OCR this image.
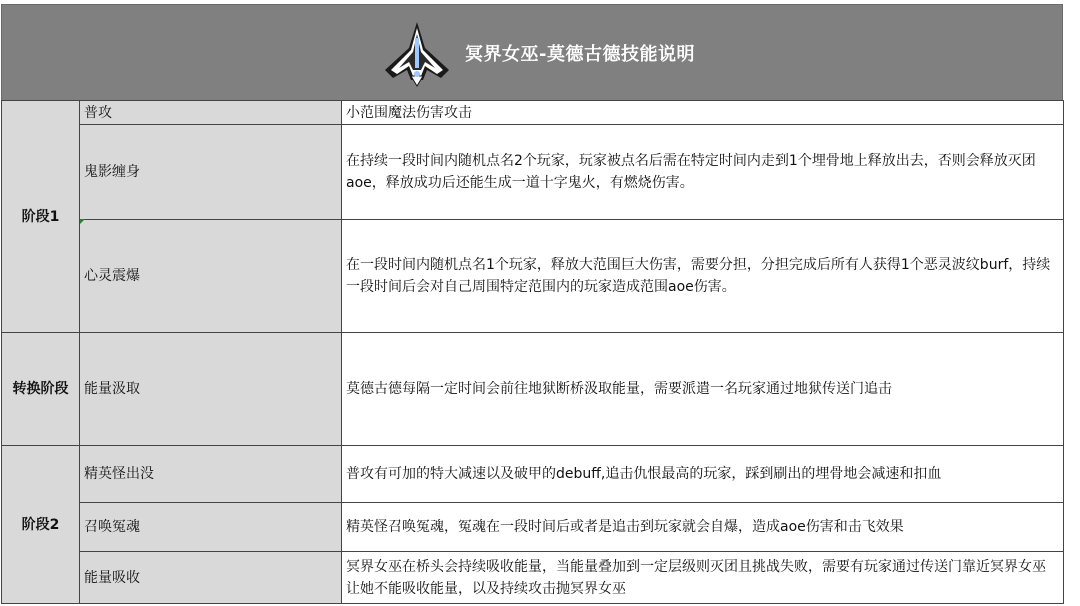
冥界女巫-莫德古德技能说明
阶段1	普攻	小范围魔法伤害攻击
	鬼影缠身	在持续一段时间内随机点名2个玩家，玩家被点名后需在特定时间内走到1个埋骨地上释放出去，否则会释放灭团aoe，释放成功后还能生成一道十字鬼火，有燃烧伤害。
	心灵震爆	在一段时间内随机点名1个玩家，释放大范围巨大伤害，需要分担，分担完成后所有人获得1个恶灵波纹burf，持续一段时间后会对自己周围特定范围内的玩家造成范围aoe伤害。
转换阶段	能量汲取	莫德古德每隔一定时间会前往地狱断桥汲取能量，需要派遣一名玩家通过地狱传送门追击
阶段2	精英怪出没	普攻有可加的特大减速以及破甲的debuff,追击仇恨最高的玩家，踩到刷出的埋骨地会减速和扣血
	召唤冤魂	精英怪召唤冤魂，冤魂在一段时间后或者是追击到玩家就会自爆，造成aoe伤害和击飞效果
	能量吸收	冥界女巫在桥头会持续吸收能量，当能量叠加到一定层级则灭团且挑战失败，需要有玩家通过传送门靠近冥界女巫让她不能吸收能量，以及持续攻击抛冥界女巫
